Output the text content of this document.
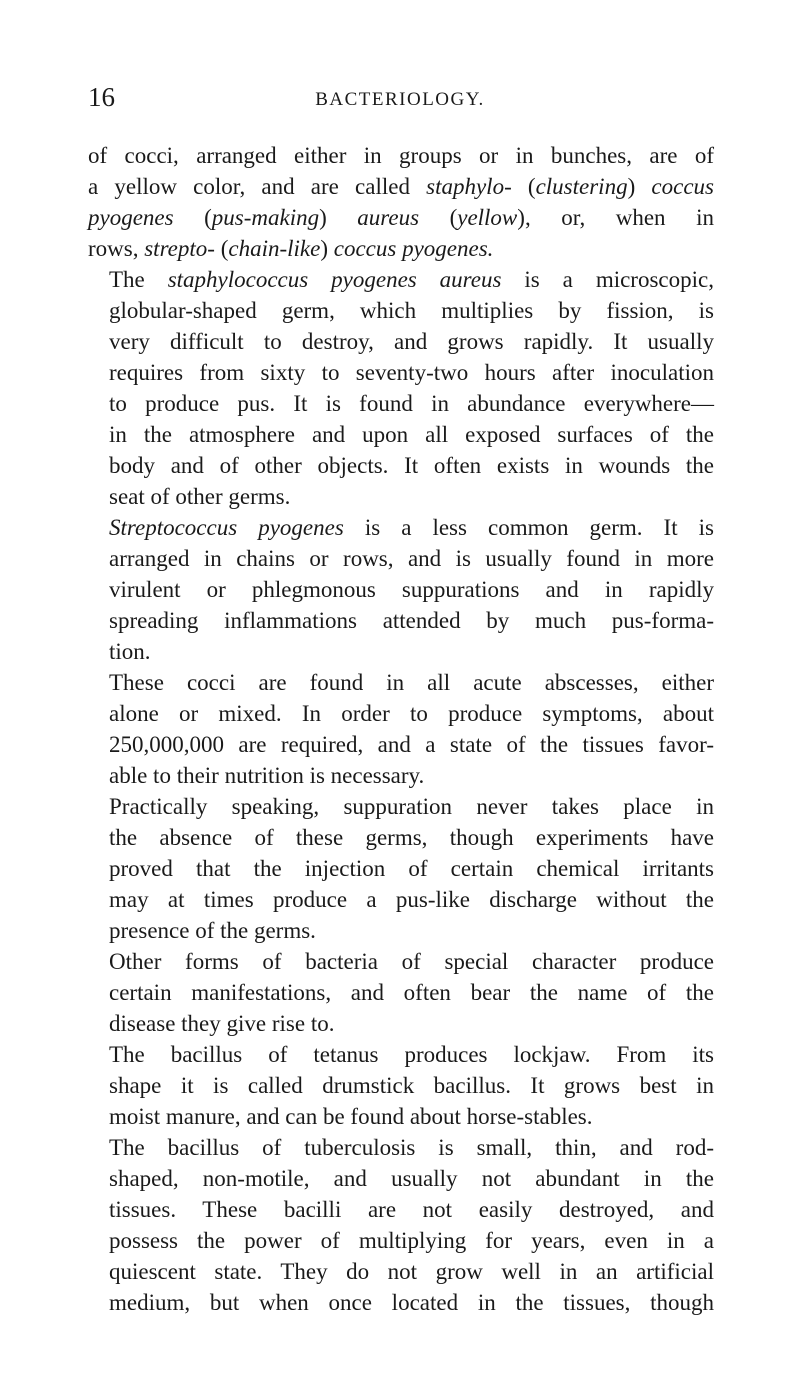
16	BACTERIOLOGY.

of cocci, arranged either in groups or in bunches, are of
a yellow color, and are called staphylo- (clustering) coccus
pyogenes (pus-making) aureus (yellow), or, when in
rows, strepto- (chain-like) coccus pyogenes.

The staphylococcus pyogenes aureus is a microscopic,
globular-shaped germ, which multiplies by fission, is
very difficult to destroy, and grows rapidly. It usually
requires from sixty to seventy-two hours after inoculation
to produce pus. It is found in abundance everywhere—
in the atmosphere and upon all exposed surfaces of the
body and of other objects. It often exists in wounds the
seat of other germs.

Streptococcus pyogenes is a less common germ. It is
arranged in chains or rows, and is usually found in more
virulent or phlegmonous suppurations and in rapidly
spreading inflammations attended by much pus-forma-
tion.

These cocci are found in all acute abscesses, either
alone or mixed. In order to produce symptoms, about
250,000,000 are required, and a state of the tissues favor-
able to their nutrition is necessary.

Practically speaking, suppuration never takes place in
the absence of these germs, though experiments have
proved that the injection of certain chemical irritants
may at times produce a pus-like discharge without the
presence of the germs.

Other forms of bacteria of special character produce
certain manifestations, and often bear the name of the
disease they give rise to.

The bacillus of tetanus produces lockjaw. From its
shape it is called drumstick bacillus. It grows best in
moist manure, and can be found about horse-stables.

The bacillus of tuberculosis is small, thin, and rod-
shaped, non-motile, and usually not abundant in the
tissues. These bacilli are not easily destroyed, and
possess the power of multiplying for years, even in a
quiescent state. They do not grow well in an artificial
medium, but when once located in the tissues, though
